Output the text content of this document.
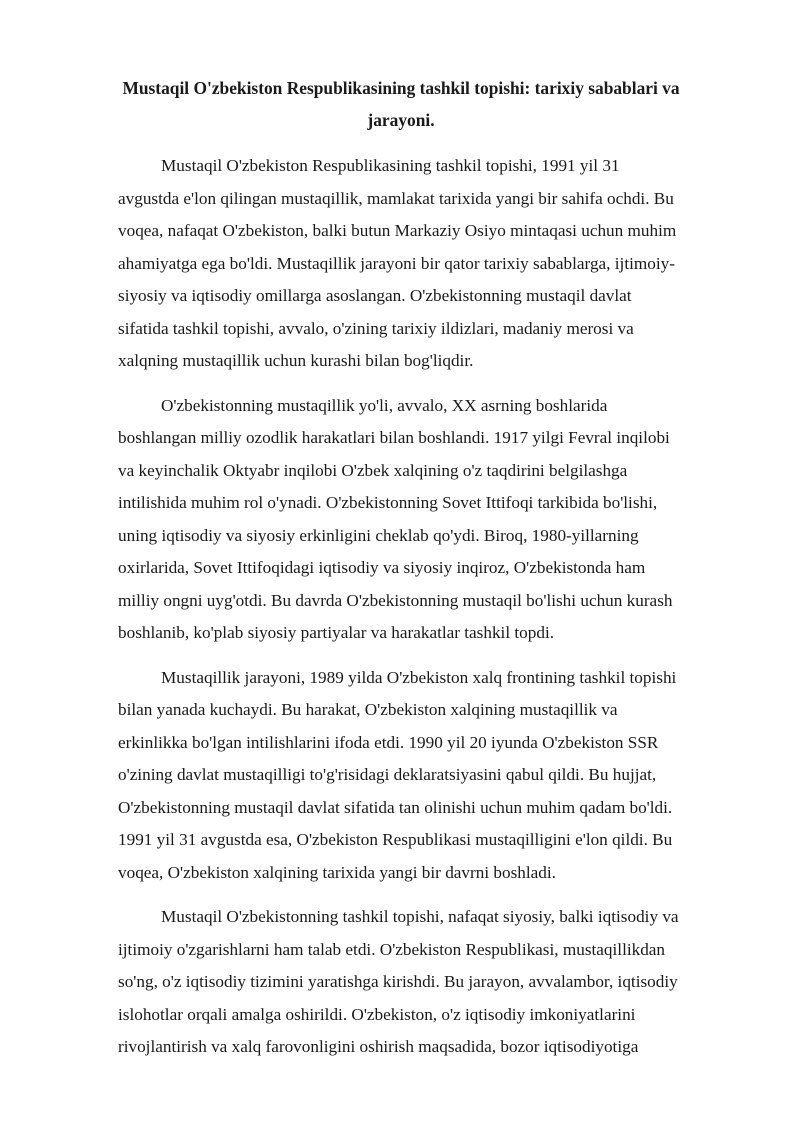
Mustaqil O'zbekiston Respublikasining tashkil topishi: tarixiy sabablari va jarayoni.

Mustaqil O'zbekiston Respublikasining tashkil topishi, 1991 yil 31 avgustda e'lon qilingan mustaqillik, mamlakat tarixida yangi bir sahifa ochdi. Bu voqea, nafaqat O'zbekiston, balki butun Markaziy Osiyo mintaqasi uchun muhim ahamiyatga ega bo'ldi. Mustaqillik jarayoni bir qator tarixiy sabablarga, ijtimoiy-siyosiy va iqtisodiy omillarga asoslangan. O'zbekistonning mustaqil davlat sifatida tashkil topishi, avvalo, o'zining tarixiy ildizlari, madaniy merosi va xalqning mustaqillik uchun kurashi bilan bog'liqdir.

O'zbekistonning mustaqillik yo'li, avvalo, XX asrning boshlarida boshlangan milliy ozodlik harakatlari bilan boshlandi. 1917 yilgi Fevral inqilobi va keyinchalik Oktyabr inqilobi O'zbek xalqining o'z taqdirini belgilashga intilishida muhim rol o'ynadi. O'zbekistonning Sovet Ittifoqi tarkibida bo'lishi, uning iqtisodiy va siyosiy erkinligini cheklab qo'ydi. Biroq, 1980-yillarning oxirlarida, Sovet Ittifoqidagi iqtisodiy va siyosiy inqiroz, O'zbekistonda ham milliy ongni uyg'otdi. Bu davrda O'zbekistonning mustaqil bo'lishi uchun kurash boshlanib, ko'plab siyosiy partiyalar va harakatlar tashkil topdi.

Mustaqillik jarayoni, 1989 yilda O'zbekiston xalq frontining tashkil topishi bilan yanada kuchaydi. Bu harakat, O'zbekiston xalqining mustaqillik va erkinlikka bo'lgan intilishlarini ifoda etdi. 1990 yil 20 iyunda O'zbekiston SSR o'zining davlat mustaqilligi to'g'risidagi deklaratsiyasini qabul qildi. Bu hujjat, O'zbekistonning mustaqil davlat sifatida tan olinishi uchun muhim qadam bo'ldi. 1991 yil 31 avgustda esa, O'zbekiston Respublikasi mustaqilligini e'lon qildi. Bu voqea, O'zbekiston xalqining tarixida yangi bir davrni boshladi.

Mustaqil O'zbekistonning tashkil topishi, nafaqat siyosiy, balki iqtisodiy va ijtimoiy o'zgarishlarni ham talab etdi. O'zbekiston Respublikasi, mustaqillikdan so'ng, o'z iqtisodiy tizimini yaratishga kirishdi. Bu jarayon, avvalambor, iqtisodiy islohotlar orqali amalga oshirildi. O'zbekiston, o'z iqtisodiy imkoniyatlarini rivojlantirish va xalq farovonligini oshirish maqsadida, bozor iqtisodiyotiga
